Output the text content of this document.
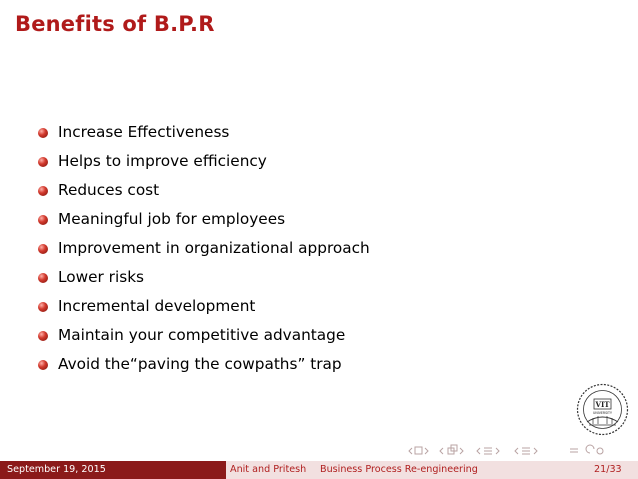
Benefits of B.P.R
Increase Effectiveness
Helps to improve efficiency
Reduces cost
Meaningful job for employees
Improvement in organizational approach
Lower risks
Incremental development
Maintain your competitive advantage
Avoid the“paving the cowpaths” trap
VIT
UNIVERSITY
September 19, 2015	Anit and Pritesh Business Process Re-engineering	21/33
